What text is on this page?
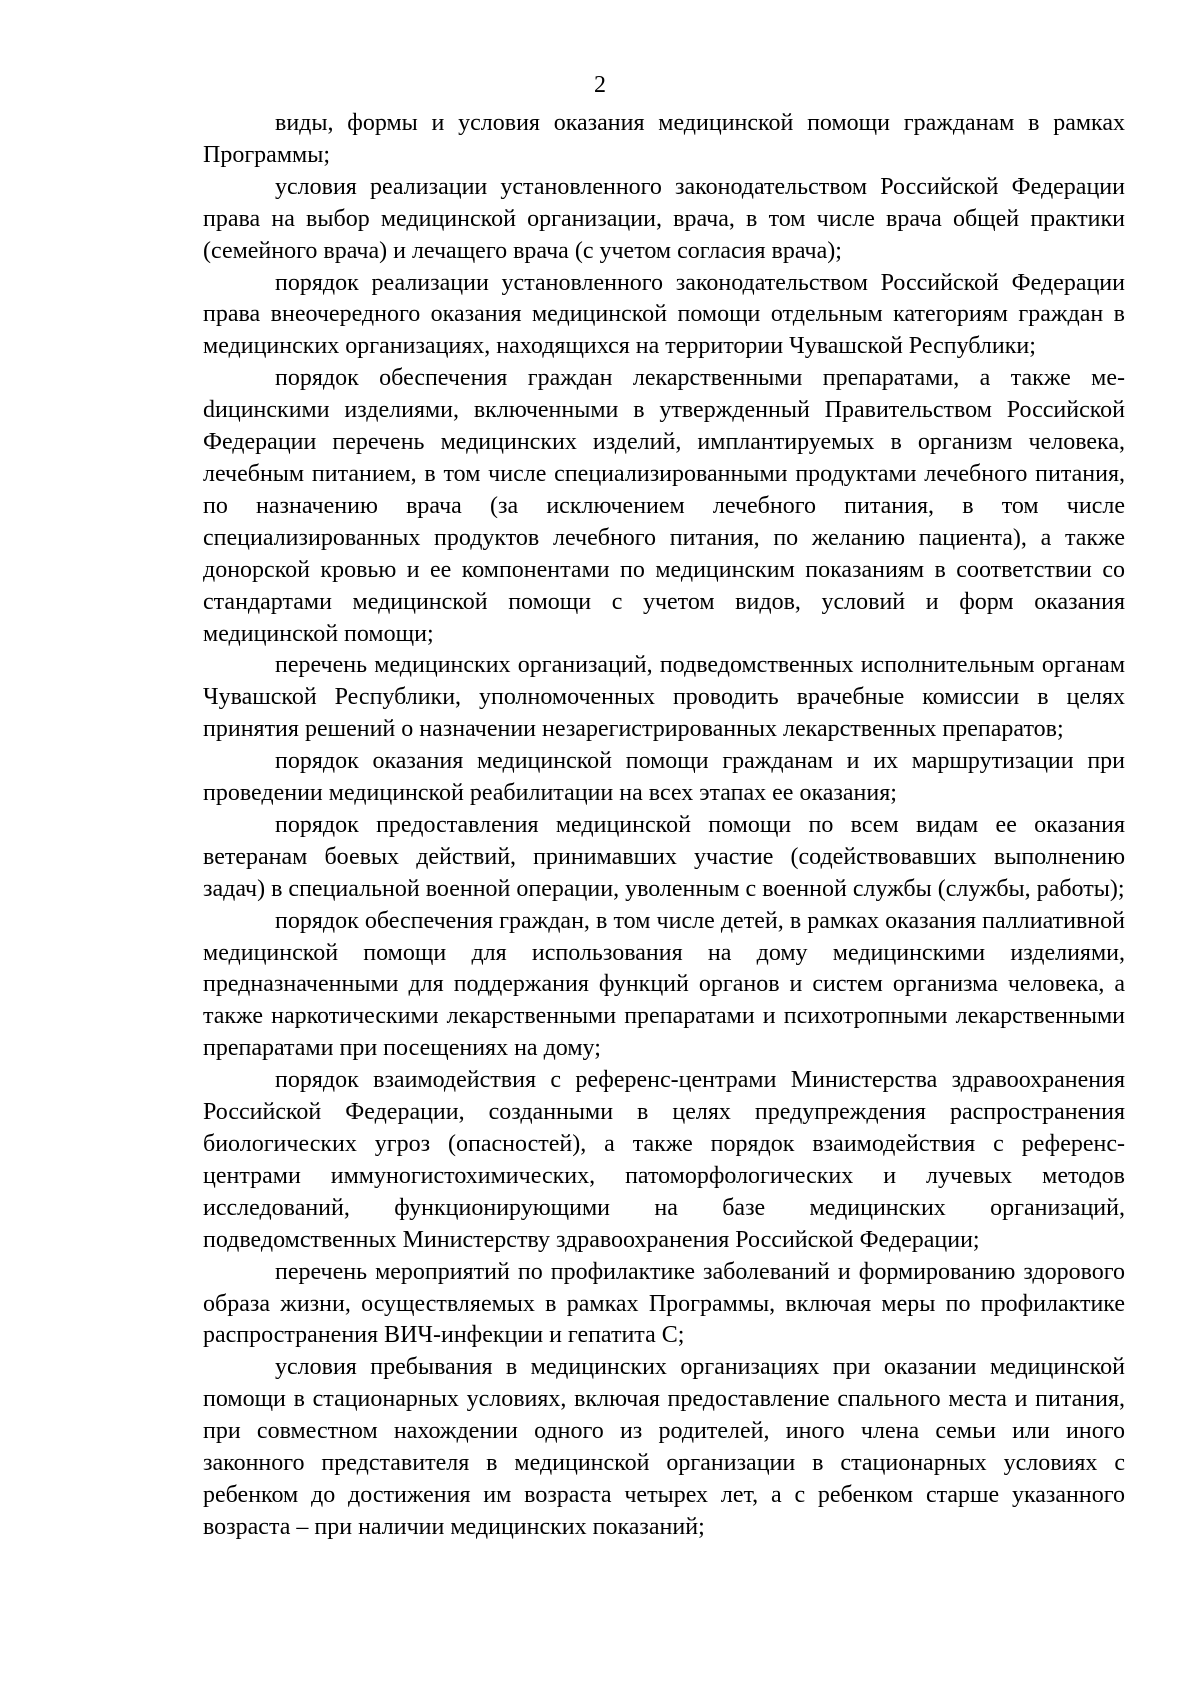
2

виды, формы и условия оказания медицинской помощи гражданам в рамках Программы;

условия реализации установленного законодательством Российской Федерации права на выбор медицинской организации, врача, в том числе врача общей практики (семейного врача) и лечащего врача (с учетом согласия врача);

порядок реализации установленного законодательством Российской Федерации права внеочередного оказания медицинской помощи отдельным категориям граждан в медицинских организациях, находящихся на территории Чувашской Республики;

порядок обеспечения граждан лекарственными препаратами, а также меdицинскими изделиями, включенными в утвержденный Правительством Российской Федерации перечень медицинских изделий, имплантируемых в организм человека, лечебным питанием, в том числе специализированными продуктами лечебного питания, по назначению врача (за исключением лечебного питания, в том числе специализированных продуктов лечебного питания, по желанию пациента), а также донорской кровью и ее компонентами по медицинским показаниям в соответствии со стандартами медицинской помощи с учетом видов, условий и форм оказания медицинской помощи;

перечень медицинских организаций, подведомственных исполнительным органам Чувашской Республики, уполномоченных проводить врачебные комиссии в целях принятия решений о назначении незарегистрированных лекарственных препаратов;

порядок оказания медицинской помощи гражданам и их маршрутизации при проведении медицинской реабилитации на всех этапах ее оказания;

порядок предоставления медицинской помощи по всем видам ее оказания ветеранам боевых действий, принимавших участие (содействовавших выполнению задач) в специальной военной операции, уволенным с военной службы (службы, работы);

порядок обеспечения граждан, в том числе детей, в рамках оказания паллиативной медицинской помощи для использования на дому медицинскими изделиями, предназначенными для поддержания функций органов и систем организма человека, а также наркотическими лекарственными препаратами и психотропными лекарственными препаратами при посещениях на дому;

порядок взаимодействия с референс-центрами Министерства здравоохранения Российской Федерации, созданными в целях предупреждения распространения биологических угроз (опасностей), а также порядок взаимодействия с референс-центрами иммуногистохимических, патоморфологических и лучевых методов исследований, функционирующими на базе медицинских организаций, подведомственных Министерству здравоохранения Российской Федерации;

перечень мероприятий по профилактике заболеваний и формированию здорового образа жизни, осуществляемых в рамках Программы, включая меры по профилактике распространения ВИЧ-инфекции и гепатита С;

условия пребывания в медицинских организациях при оказании медицинской помощи в стационарных условиях, включая предоставление спального места и питания, при совместном нахождении одного из родителей, иного члена семьи или иного законного представителя в медицинской организации в стационарных условиях с ребенком до достижения им возраста четырех лет, а с ребенком старше указанного возраста – при наличии медицинских показаний;
